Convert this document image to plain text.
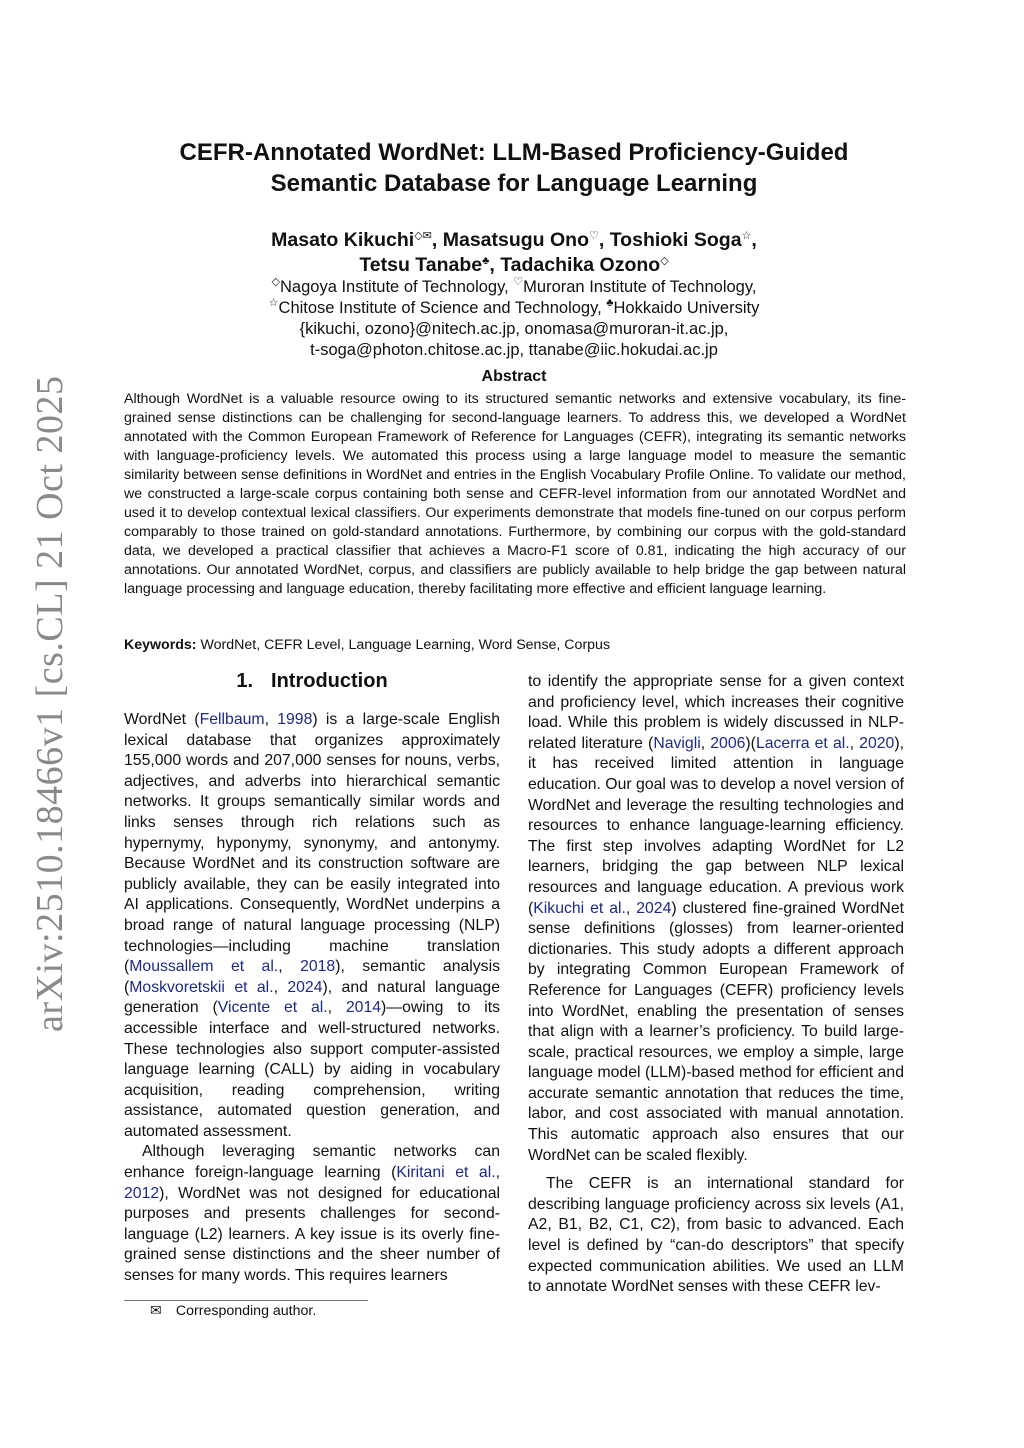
arXiv:2510.18466v1 [cs.CL] 21 Oct 2025
CEFR-Annotated WordNet: LLM-Based Proficiency-Guided
Semantic Database for Language Learning
Masato Kikuchi◇✉, Masatsugu Ono♡, Toshioki Soga☆,
Tetsu Tanabe♣, Tadachika Ozono◇
◇Nagoya Institute of Technology, ♡Muroran Institute of Technology,
☆Chitose Institute of Science and Technology, ♣Hokkaido University
{kikuchi, ozono}@nitech.ac.jp, onomasa@muroran-it.ac.jp,
t-soga@photon.chitose.ac.jp, ttanabe@iic.hokudai.ac.jp
Abstract
Although WordNet is a valuable resource owing to its structured semantic networks and extensive vocabulary, its fine-grained sense distinctions can be challenging for second-language learners. To address this, we developed a WordNet annotated with the Common European Framework of Reference for Languages (CEFR), integrating its semantic networks with language-proficiency levels. We automated this process using a large language model to measure the semantic similarity between sense definitions in WordNet and entries in the English Vocabulary Profile Online. To validate our method, we constructed a large-scale corpus containing both sense and CEFR-level information from our annotated WordNet and used it to develop contextual lexical classifiers. Our experiments demonstrate that models fine-tuned on our corpus perform comparably to those trained on gold-standard annotations. Furthermore, by combining our corpus with the gold-standard data, we developed a practical classifier that achieves a Macro-F1 score of 0.81, indicating the high accuracy of our annotations. Our annotated WordNet, corpus, and classifiers are publicly available to help bridge the gap between natural language processing and language education, thereby facilitating more effective and efficient language learning.
Keywords: WordNet, CEFR Level, Language Learning, Word Sense, Corpus
1. Introduction

WordNet (Fellbaum, 1998) is a large-scale English lexical database that organizes approximately 155,000 words and 207,000 senses for nouns, verbs, adjectives, and adverbs into hierarchical semantic networks. It groups semantically similar words and links senses through rich relations such as hypernymy, hyponymy, synonymy, and antonymy. Because WordNet and its construction software are publicly available, they can be easily integrated into AI applications. Consequently, WordNet underpins a broad range of natural language processing (NLP) technologies—including machine translation (Moussallem et al., 2018), semantic analysis (Moskvoretskii et al., 2024), and natural language generation (Vicente et al., 2014)—owing to its accessible interface and well-structured networks. These technologies also support computer-assisted language learning (CALL) by aiding in vocabulary acquisition, reading comprehension, writing assistance, automated question generation, and automated assessment.

Although leveraging semantic networks can enhance foreign-language learning (Kiritani et al., 2012), WordNet was not designed for educational purposes and presents challenges for second-language (L2) learners. A key issue is its overly fine-grained sense distinctions and the sheer number of senses for many words. This requires learners

to identify the appropriate sense for a given context and proficiency level, which increases their cognitive load. While this problem is widely discussed in NLP-related literature (Navigli, 2006)(Lacerra et al., 2020), it has received limited attention in language education. Our goal was to develop a novel version of WordNet and leverage the resulting technologies and resources to enhance language-learning efficiency. The first step involves adapting WordNet for L2 learners, bridging the gap between NLP lexical resources and language education. A previous work (Kikuchi et al., 2024) clustered fine-grained WordNet sense definitions (glosses) from learner-oriented dictionaries. This study adopts a different approach by integrating Common European Framework of Reference for Languages (CEFR) proficiency levels into WordNet, enabling the presentation of senses that align with a learner’s proficiency. To build large-scale, practical resources, we employ a simple, large language model (LLM)-based method for efficient and accurate semantic annotation that reduces the time, labor, and cost associated with manual annotation. This automatic approach also ensures that our WordNet can be scaled flexibly.

The CEFR is an international standard for describing language proficiency across six levels (A1, A2, B1, B2, C1, C2), from basic to advanced. Each level is defined by “can-do descriptors” that specify expected communication abilities. We used an LLM to annotate WordNet senses with these CEFR lev-

✉ Corresponding author.
